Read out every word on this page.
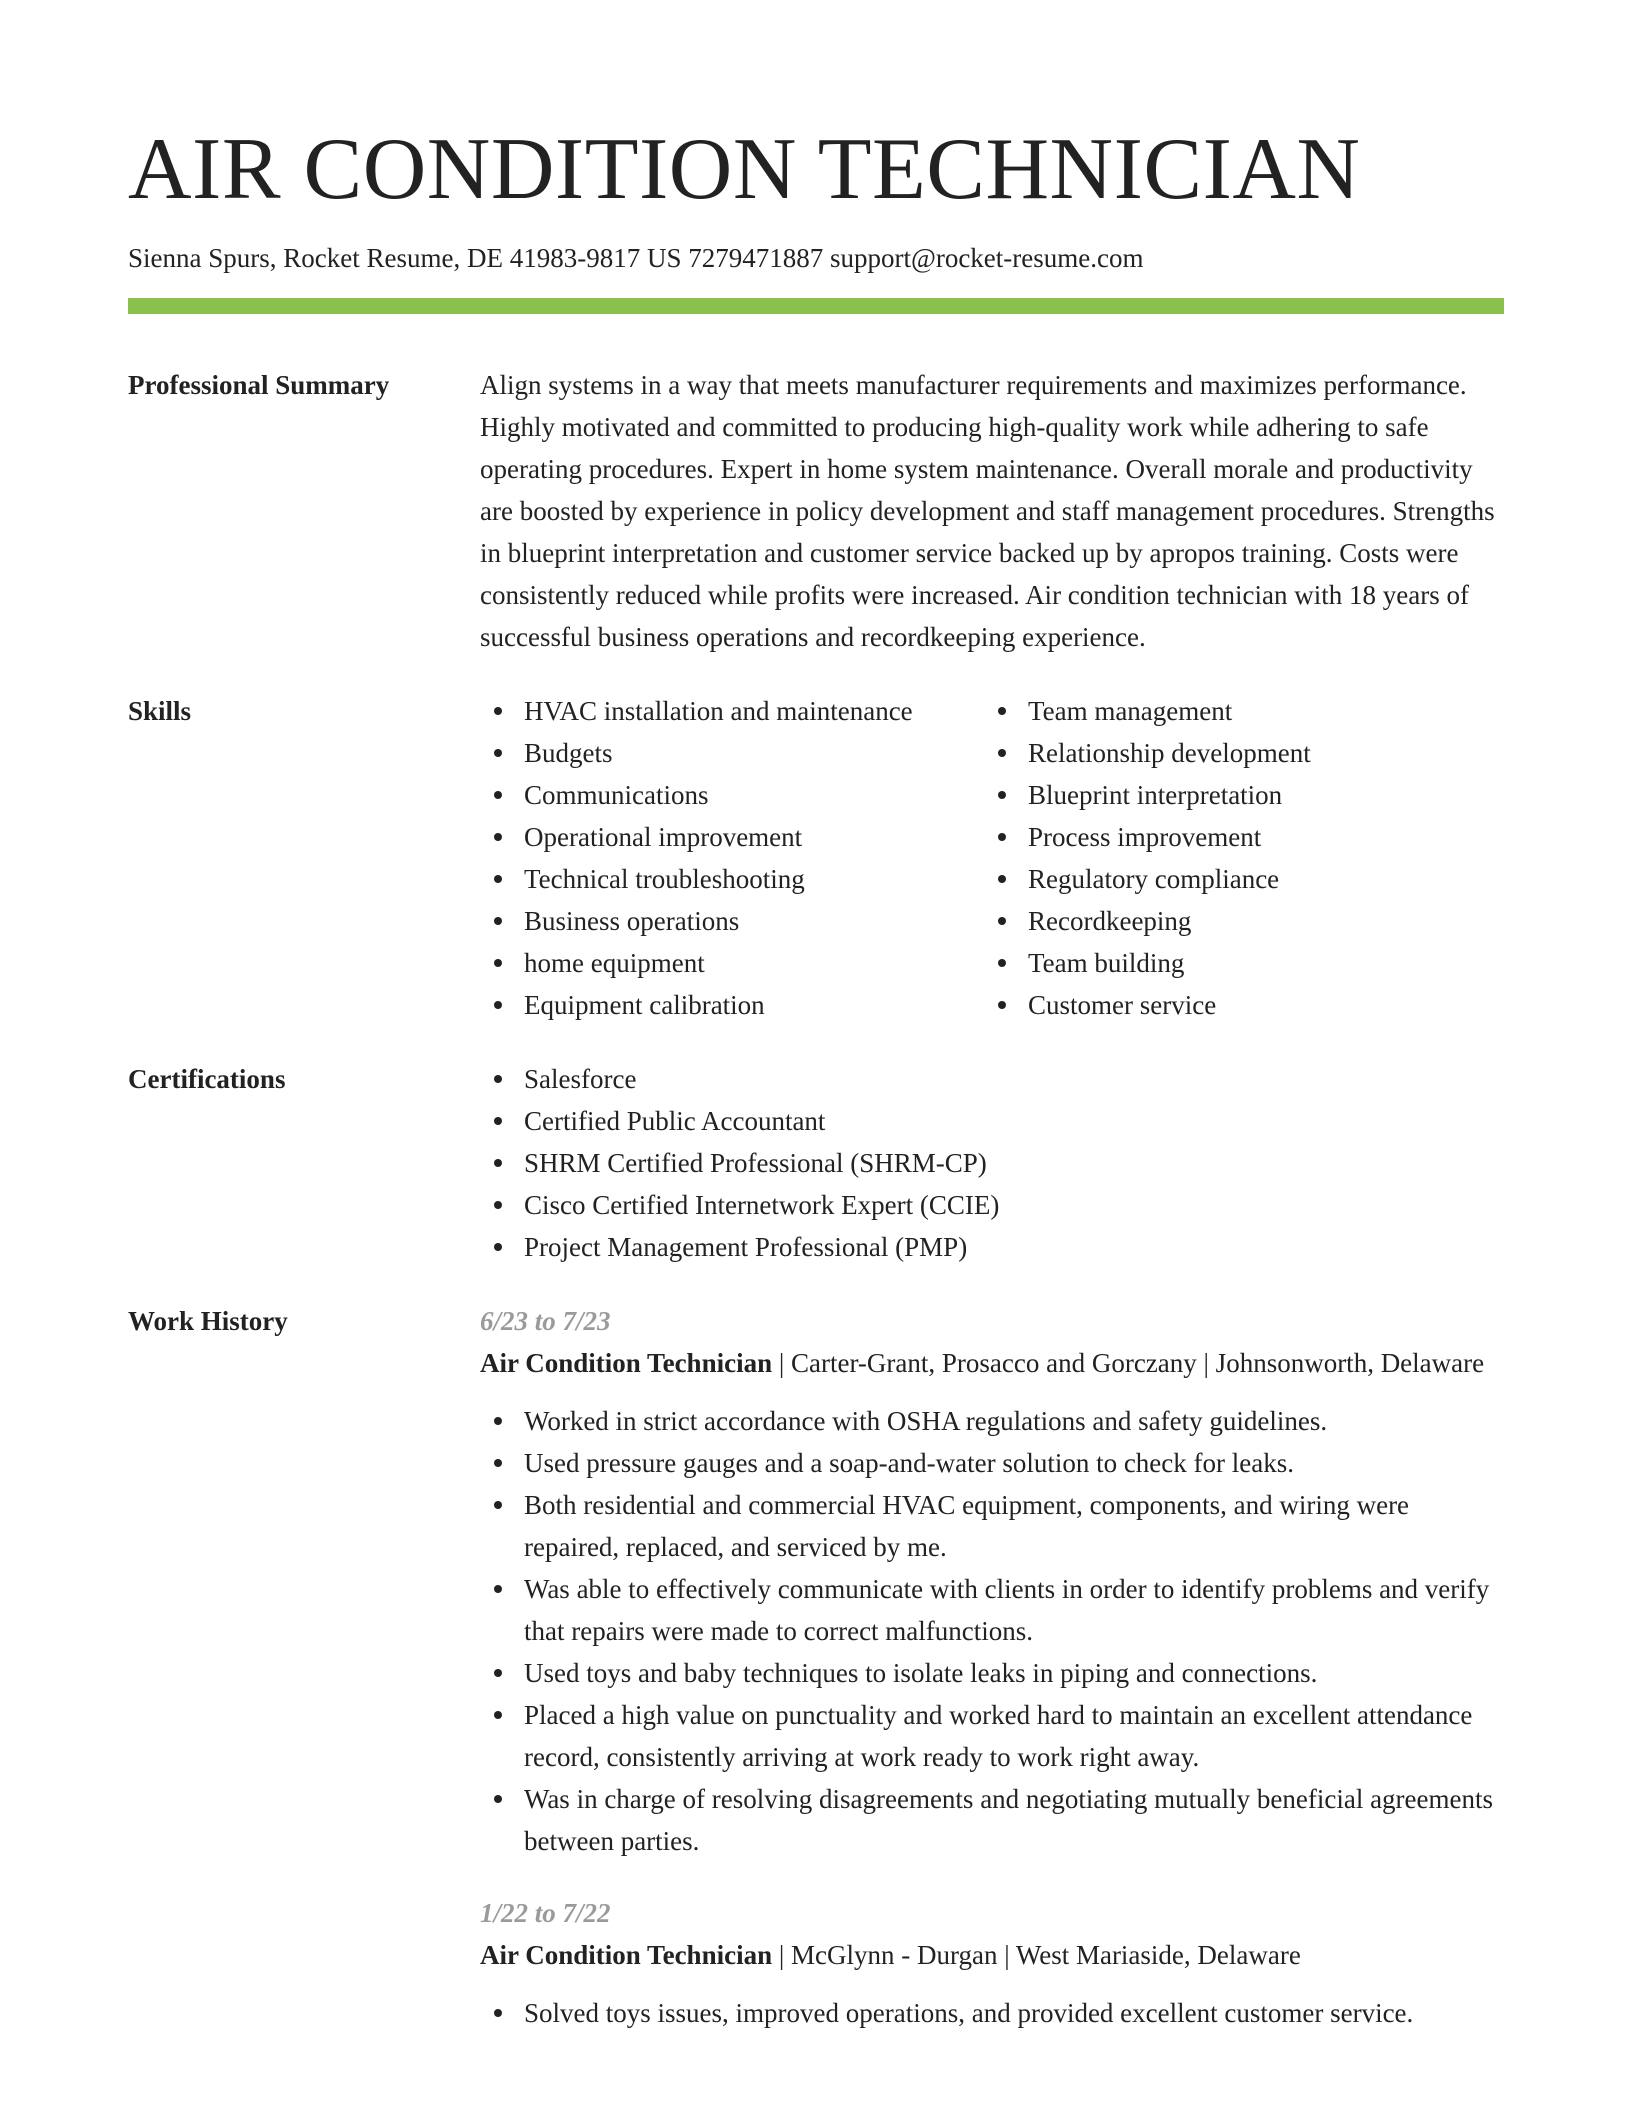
AIR CONDITION TECHNICIAN
Sienna Spurs, Rocket Resume, DE 41983-9817 US 7279471887 support@rocket-resume.com
Professional Summary	Align systems in a way that meets manufacturer requirements and maximizes performance. Highly motivated and committed to producing high-quality work while adhering to safe operating procedures. Expert in home system maintenance. Overall morale and productivity are boosted by experience in policy development and staff management procedures. Strengths in blueprint interpretation and customer service backed up by apropos training. Costs were consistently reduced while profits were increased. Air condition technician with 18 years of successful business operations and recordkeeping experience.
Skills	HVAC installation and maintenance
Budgets
Communications
Operational improvement
Technical troubleshooting
Business operations
home equipment
Equipment calibration
Team management
Relationship development
Blueprint interpretation
Process improvement
Regulatory compliance
Recordkeeping
Team building
Customer service
Certifications	Salesforce
Certified Public Accountant
SHRM Certified Professional (SHRM-CP)
Cisco Certified Internetwork Expert (CCIE)
Project Management Professional (PMP)
Work History	6/23 to 7/23
Air Condition Technician | Carter-Grant, Prosacco and Gorczany | Johnsonworth, Delaware
Worked in strict accordance with OSHA regulations and safety guidelines.
Used pressure gauges and a soap-and-water solution to check for leaks.
Both residential and commercial HVAC equipment, components, and wiring were repaired, replaced, and serviced by me.
Was able to effectively communicate with clients in order to identify problems and verify that repairs were made to correct malfunctions.
Used toys and baby techniques to isolate leaks in piping and connections.
Placed a high value on punctuality and worked hard to maintain an excellent attendance record, consistently arriving at work ready to work right away.
Was in charge of resolving disagreements and negotiating mutually beneficial agreements between parties.
1/22 to 7/22
Air Condition Technician | McGlynn - Durgan | West Mariaside, Delaware
Solved toys issues, improved operations, and provided excellent customer service.
